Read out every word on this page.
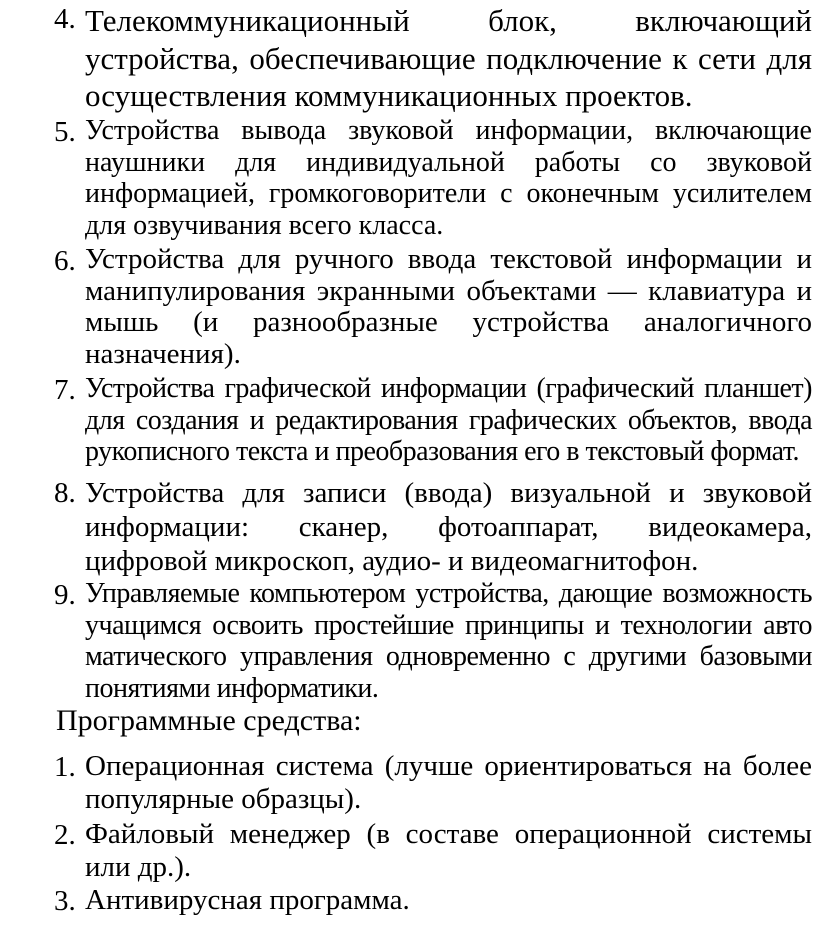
4. Телекоммуникационный блок, включающий устройства, обеспечивающие подключение к сети для осуществления коммуникационных проектов.
5. Устройства вывода звуковой информации, включающие наушники для индивидуальной работы со звуковой информацией, громкоговорители с оконечным усилителем для озвучивания всего класса.
6. Устройства для ручного ввода текстовой информации и манипулирования экранными объектами — клавиатура и мышь (и разнообразные устройства аналогичного назначения).
7. Устройства графической информации (графический планшет) для создания и редактирования графических объектов, ввода рукописного текста и преобразования его в текстовый формат.
8. Устройства для записи (ввода) визуальной и звуковой информации: сканер, фотоаппарат, видеокамера, цифровой микроскоп, аудио- и видеомагнитофон.
9. Управляемые компьютером устройства, дающие возможность учащимся освоить простейшие принципы и технологии авто матического управления одновременно с другими базовыми понятиями информатики.
Программные средства:
1. Операционная система (лучше ориентироваться на более популярные образцы).
2. Файловый менеджер (в составе операционной системы или др.).
3. Антивирусная программа.
